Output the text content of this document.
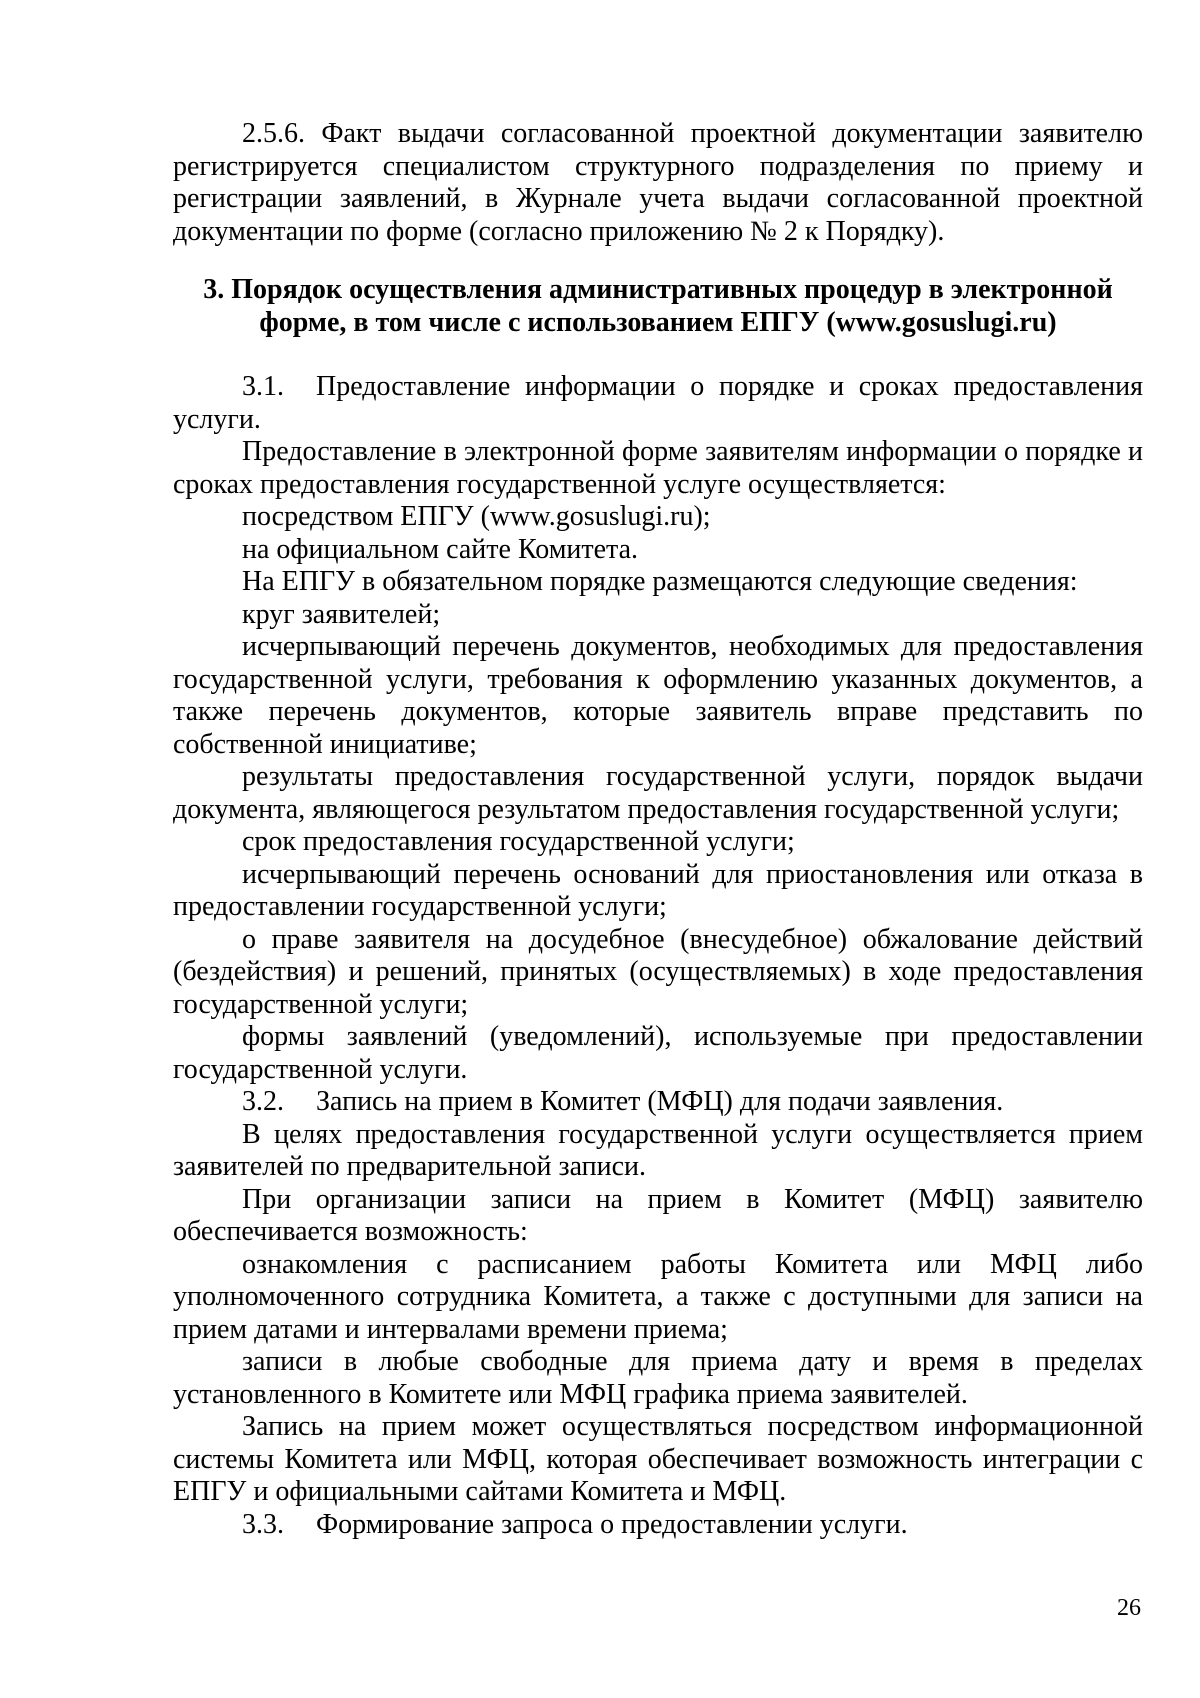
2.5.6. Факт выдачи согласованной проектной документации заявителю регистрируется специалистом структурного подразделения по приему и регистрации заявлений, в Журнале учета выдачи согласованной проектной документации по форме (согласно приложению № 2 к Порядку).

3. Порядок осуществления административных процедур в электронной
форме, в том числе с использованием ЕПГУ (www.gosuslugi.ru)

3.1. Предоставление информации о порядке и сроках предоставления услуги.

Предоставление в электронной форме заявителям информации о порядке и сроках предоставления государственной услуге осуществляется:

посредством ЕПГУ (www.gosuslugi.ru);

на официальном сайте Комитета.

На ЕПГУ в обязательном порядке размещаются следующие сведения:

круг заявителей;

исчерпывающий перечень документов, необходимых для предоставления государственной услуги, требования к оформлению указанных документов, а также перечень документов, которые заявитель вправе представить по собственной инициативе;

результаты предоставления государственной услуги, порядок выдачи документа, являющегося результатом предоставления государственной услуги;

срок предоставления государственной услуги;

исчерпывающий перечень оснований для приостановления или отказа в предоставлении государственной услуги;

о праве заявителя на досудебное (внесудебное) обжалование действий (бездействия) и решений, принятых (осуществляемых) в ходе предоставления государственной услуги;

формы заявлений (уведомлений), используемые при предоставлении государственной услуги.

3.2. Запись на прием в Комитет (МФЦ) для подачи заявления.

В целях предоставления государственной услуги осуществляется прием заявителей по предварительной записи.

При организации записи на прием в Комитет (МФЦ) заявителю обеспечивается возможность:

ознакомления с расписанием работы Комитета или МФЦ либо уполномоченного сотрудника Комитета, а также с доступными для записи на прием датами и интервалами времени приема;

записи в любые свободные для приема дату и время в пределах установленного в Комитете или МФЦ графика приема заявителей.

Запись на прием может осуществляться посредством информационной системы Комитета или МФЦ, которая обеспечивает возможность интеграции с ЕПГУ и официальными сайтами Комитета и МФЦ.

3.3. Формирование запроса о предоставлении услуги.

26
